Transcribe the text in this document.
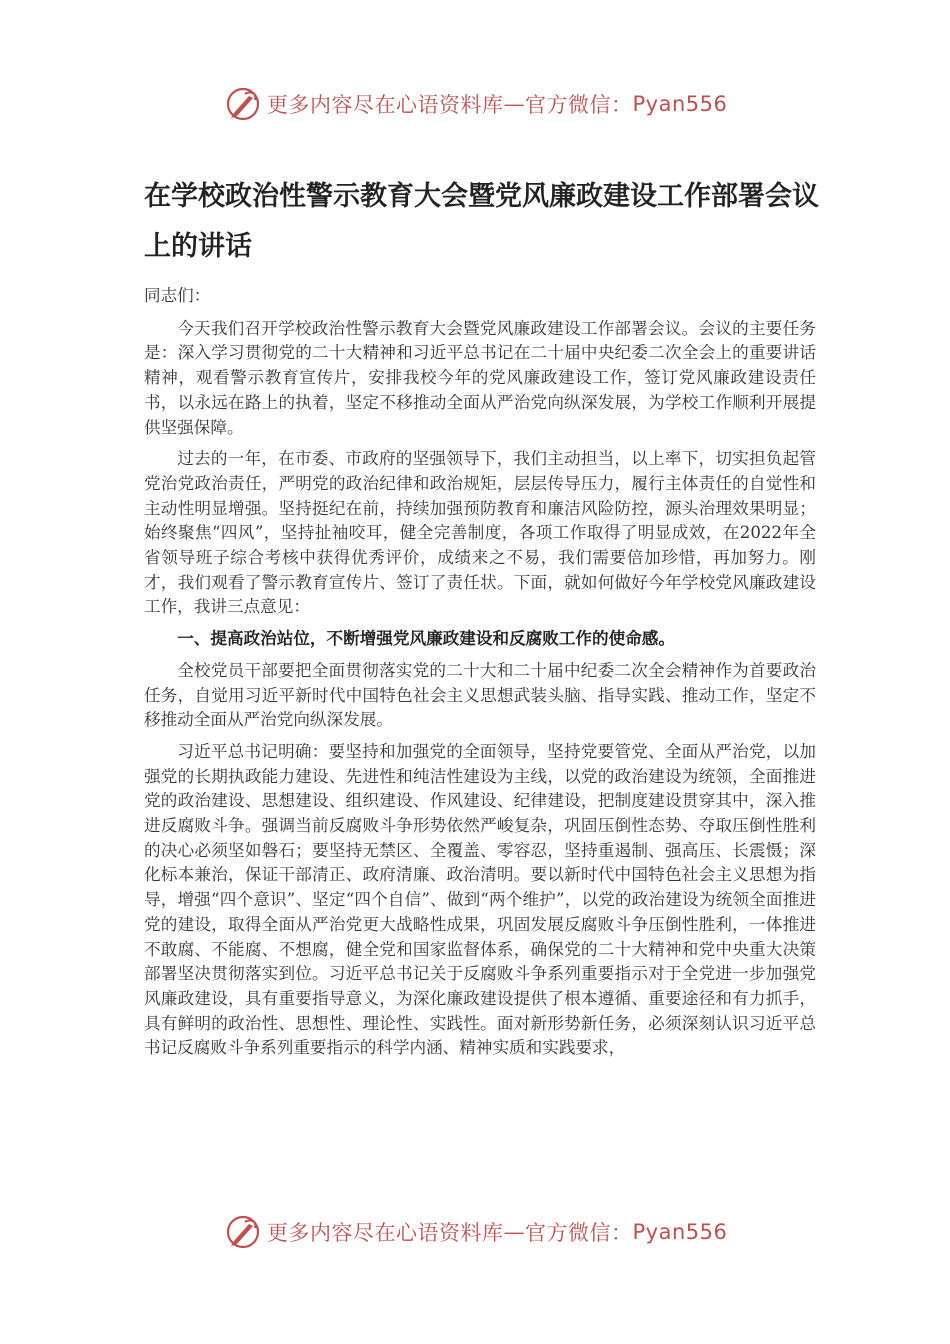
更多内容尽在心语资料库 — 官方微信： Pyan556
在学校政治性警示教育大会暨党风廉政建设工作部署会议上的讲话

同志们：

今天我们召开学校政治性警示教育大会暨党风廉政建设工作部署会议。会议的主要任务是：深入学习贯彻党的二十大精神和习近平总书记在二十届中央纪委二次全会上的重要讲话精神，观看警示教育宣传片，安排我校今年的党风廉政建设工作，签订党风廉政建设责任书，以永远在路上的执着，坚定不移推动全面从严治党向纵深发展，为学校工作顺利开展提供坚强保障。

过去的一年，在市委、市政府的坚强领导下，我们主动担当，以上率下，切实担负起管党治党政治责任，严明党的政治纪律和政治规矩，层层传导压力，履行主体责任的自觉性和主动性明显增强。坚持挺纪在前，持续加强预防教育和廉洁风险防控，源头治理效果明显；始终聚焦“四风”，坚持扯袖咬耳，健全完善制度，各项工作取得了明显成效，在2022年全省领导班子综合考核中获得优秀评价，成绩来之不易，我们需要倍加珍惜，再加努力。刚才，我们观看了警示教育宣传片、签订了责任状。下面，就如何做好今年学校党风廉政建设工作，我讲三点意见：

一、提高政治站位，不断增强党风廉政建设和反腐败工作的使命感。

全校党员干部要把全面贯彻落实党的二十大和二十届中纪委二次全会精神作为首要政治任务，自觉用习近平新时代中国特色社会主义思想武装头脑、指导实践、推动工作，坚定不移推动全面从严治党向纵深发展。

习近平总书记明确：要坚持和加强党的全面领导，坚持党要管党、全面从严治党，以加强党的长期执政能力建设、先进性和纯洁性建设为主线，以党的政治建设为统领，全面推进党的政治建设、思想建设、组织建设、作风建设、纪律建设，把制度建设贯穿其中，深入推进反腐败斗争。强调当前反腐败斗争形势依然严峻复杂，巩固压倒性态势、夺取压倒性胜利的决心必须坚如磐石；要坚持无禁区、全覆盖、零容忍，坚持重遏制、强高压、长震慑；深化标本兼治，保证干部清正、政府清廉、政治清明。要以新时代中国特色社会主义思想为指导，增强“四个意识”、坚定“四个自信”、做到“两个维护”，以党的政治建设为统领全面推进党的建设，取得全面从严治党更大战略性成果，巩固发展反腐败斗争压倒性胜利，一体推进不敢腐、不能腐、不想腐，健全党和国家监督体系，确保党的二十大精神和党中央重大决策部署坚决贯彻落实到位。习近平总书记关于反腐败斗争系列重要指示对于全党进一步加强党风廉政建设，具有重要指导意义，为深化廉政建设提供了根本遵循、重要途径和有力抓手，具有鲜明的政治性、思想性、理论性、实践性。面对新形势新任务，必须深刻认识习近平总书记反腐败斗争系列重要指示的科学内涵、精神实质和实践要求，

更多内容尽在心语资料库 — 官方微信： Pyan556
